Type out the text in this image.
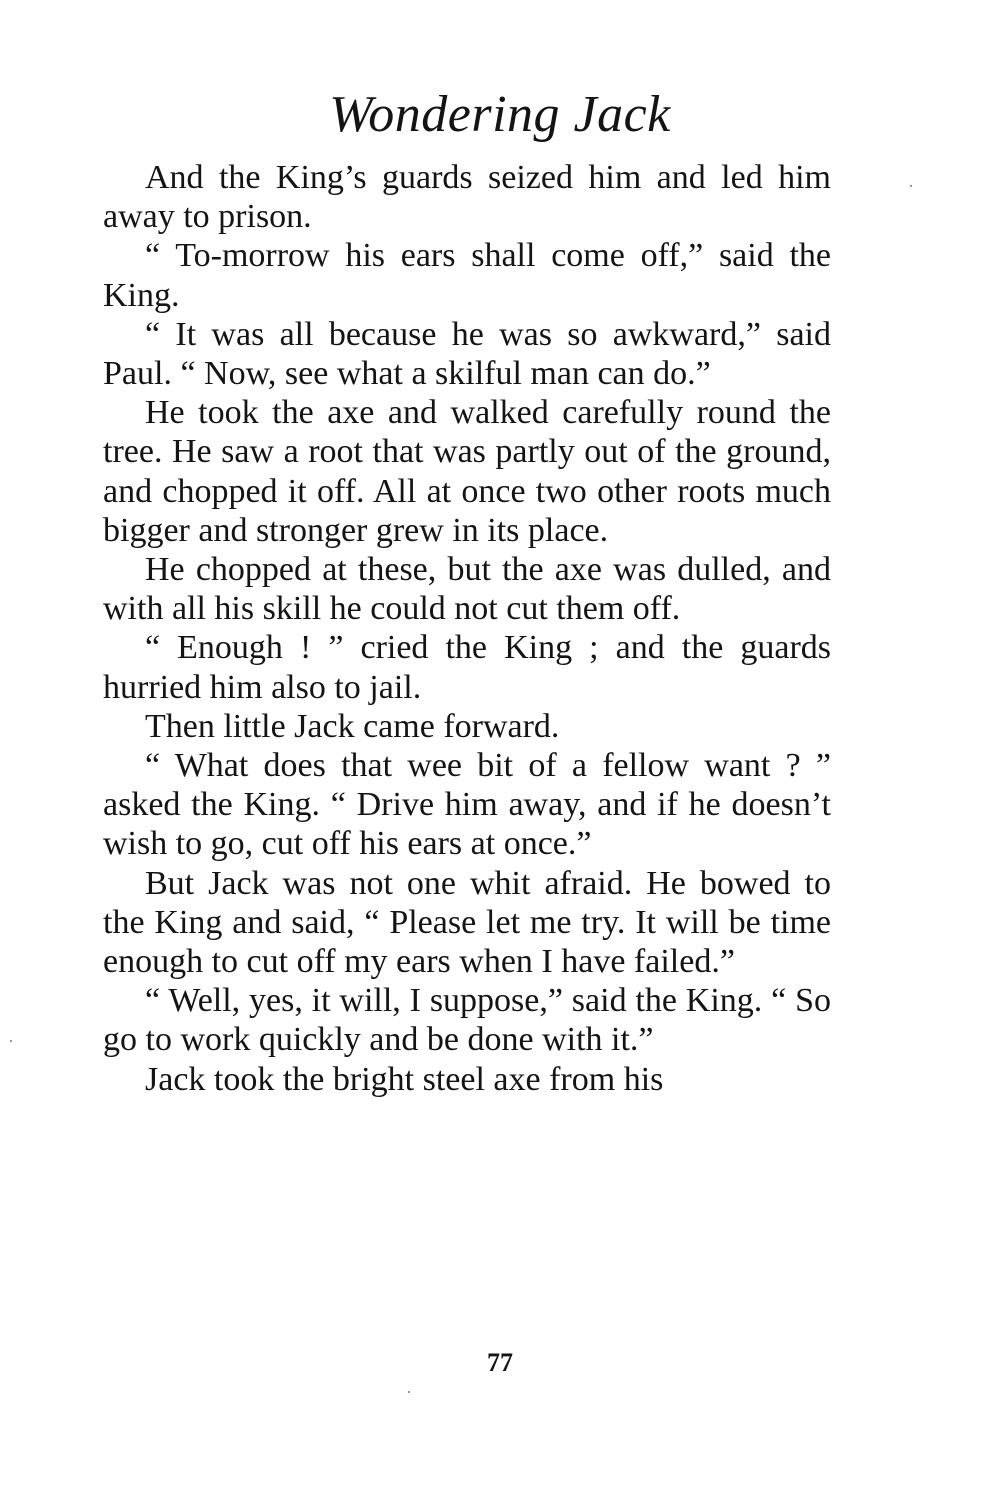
Wondering Jack

And the King’s guards seized him and led him away to prison.

“ To-morrow his ears shall come off,” said the King.

“ It was all because he was so awkward,” said Paul. “ Now, see what a skilful man can do.”

He took the axe and walked carefully round the tree. He saw a root that was partly out of the ground, and chopped it off. All at once two other roots much bigger and stronger grew in its place.

He chopped at these, but the axe was dulled, and with all his skill he could not cut them off.

“ Enough ! ” cried the King ; and the guards hurried him also to jail.

Then little Jack came forward.

“ What does that wee bit of a fellow want ? ” asked the King. “ Drive him away, and if he doesn’t wish to go, cut off his ears at once.”

But Jack was not one whit afraid. He bowed to the King and said, “ Please let me try. It will be time enough to cut off my ears when I have failed.”

“ Well, yes, it will, I suppose,” said the King. “ So go to work quickly and be done with it.”

Jack took the bright steel axe from his

77
